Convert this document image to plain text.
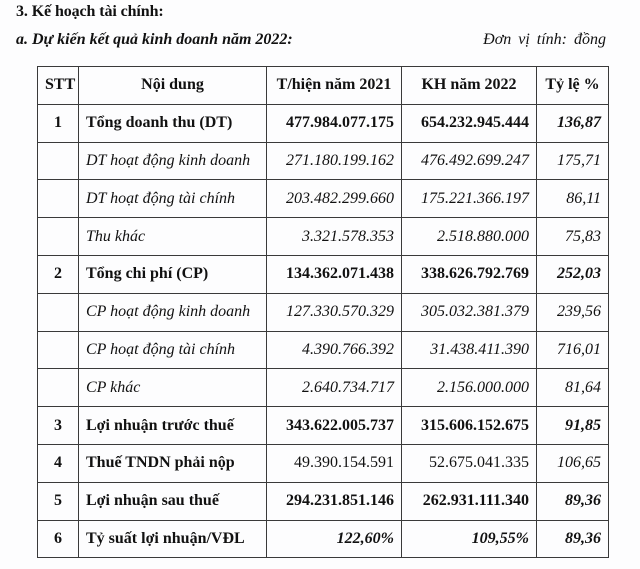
3. Kế hoạch tài chính:
a. Dự kiến kết quả kinh doanh năm 2022:	Đơn vị tính: đồng
STT	Nội dung	T/hiện năm 2021	KH năm 2022	Tỷ lệ %
1	Tổng doanh thu (DT)	477.984.077.175	654.232.945.444	136,87
	DT hoạt động kinh doanh	271.180.199.162	476.492.699.247	175,71
	DT hoạt động tài chính	203.482.299.660	175.221.366.197	86,11
	Thu khác	3.321.578.353	2.518.880.000	75,83
2	Tổng chi phí (CP)	134.362.071.438	338.626.792.769	252,03
	CP hoạt động kinh doanh	127.330.570.329	305.032.381.379	239,56
	CP hoạt động tài chính	4.390.766.392	31.438.411.390	716,01
	CP khác	2.640.734.717	2.156.000.000	81,64
3	Lợi nhuận trước thuế	343.622.005.737	315.606.152.675	91,85
4	Thuế TNDN phải nộp	49.390.154.591	52.675.041.335	106,65
5	Lợi nhuận sau thuế	294.231.851.146	262.931.111.340	89,36
6	Tỷ suất lợi nhuận/VĐL	122,60%	109,55%	89,36
